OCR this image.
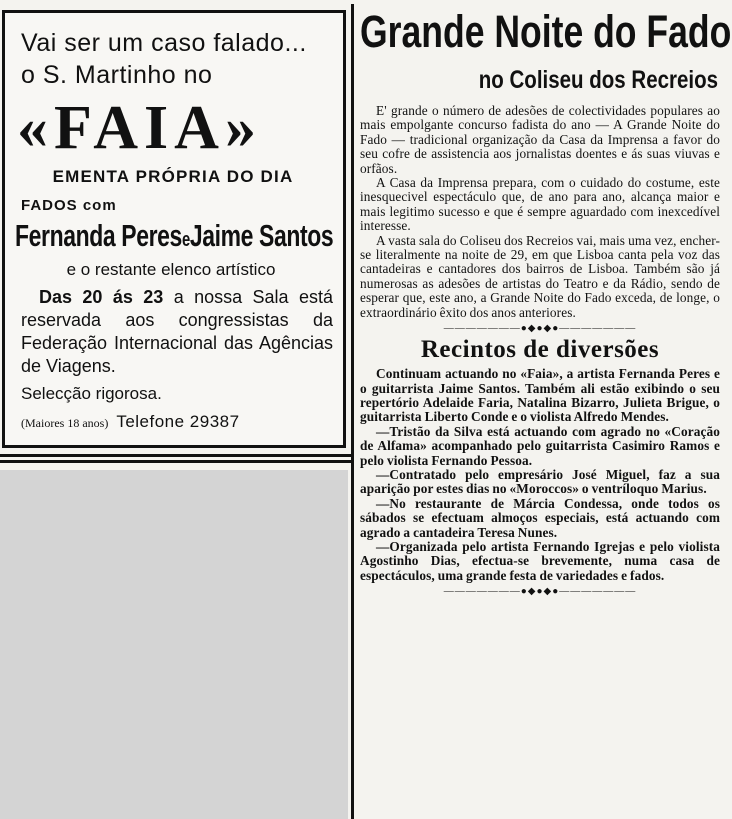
Vai ser um caso falado...
o S. Martinho no
«FAIA»
EMENTA PRÓPRIA DO DIA
FADOS com
Fernanda PereseJaime Santos
e o restante elenco artístico
Das 20 ás 23 a nossa Sala está reservada aos congressistas da Federação Internacional das Agências de Viagens.
Selecção rigorosa.
(Maiores 18 anos) Telefone 29387
Grande Noite do Fado
no Coliseu dos Recreios

E' grande o número de adesões de colectividades populares ao mais empolgante concurso fadista do ano — A Grande Noite do Fado — tradicional organização da Casa da Imprensa a favor do seu cofre de assistencia aos jornalistas doentes e ás suas viuvas e orfãos.

A Casa da Imprensa prepara, com o cuidado do costume, este inesquecivel espectáculo que, de ano para ano, alcança maior e mais legitimo sucesso e que é sempre aguardado com inexcedível interesse.

A vasta sala do Coliseu dos Recreios vai, mais uma vez, encher-se literalmente na noite de 29, em que Lisboa canta pela voz das cantadeiras e cantadores dos bairros de Lisboa. Também são já numerosas as adesões de artistas do Teatro e da Rádio, sendo de esperar que, este ano, a Grande Noite do Fado exceda, de longe, o extraordinário êxito dos anos anteriores.

———————●◆●◆●———————
Recintos de diversões

Continuam actuando no «Faia», a artista Fernanda Peres e o guitarrista Jaime Santos. Também ali estão exibindo o seu repertório Adelaide Faria, Natalina Bizarro, Julieta Brigue, o guitarrista Liberto Conde e o violista Alfredo Mendes.

—Tristão da Silva está actuando com agrado no «Coração de Alfama» acompanhado pelo guitarrista Casimiro Ramos e pelo violista Fernando Pessoa.

—Contratado pelo empresário José Miguel, faz a sua aparição por estes dias no «Moroccos» o ventríloquo Marius.

—No restaurante de Márcia Condessa, onde todos os sábados se efectuam almoços especiais, está actuando com agrado a cantadeira Teresa Nunes.

—Organizada pelo artista Fernando Igrejas e pelo violista Agostinho Dias, efectua-se brevemente, numa casa de espectáculos, uma grande festa de variedades e fados.

———————●◆●◆●———————
